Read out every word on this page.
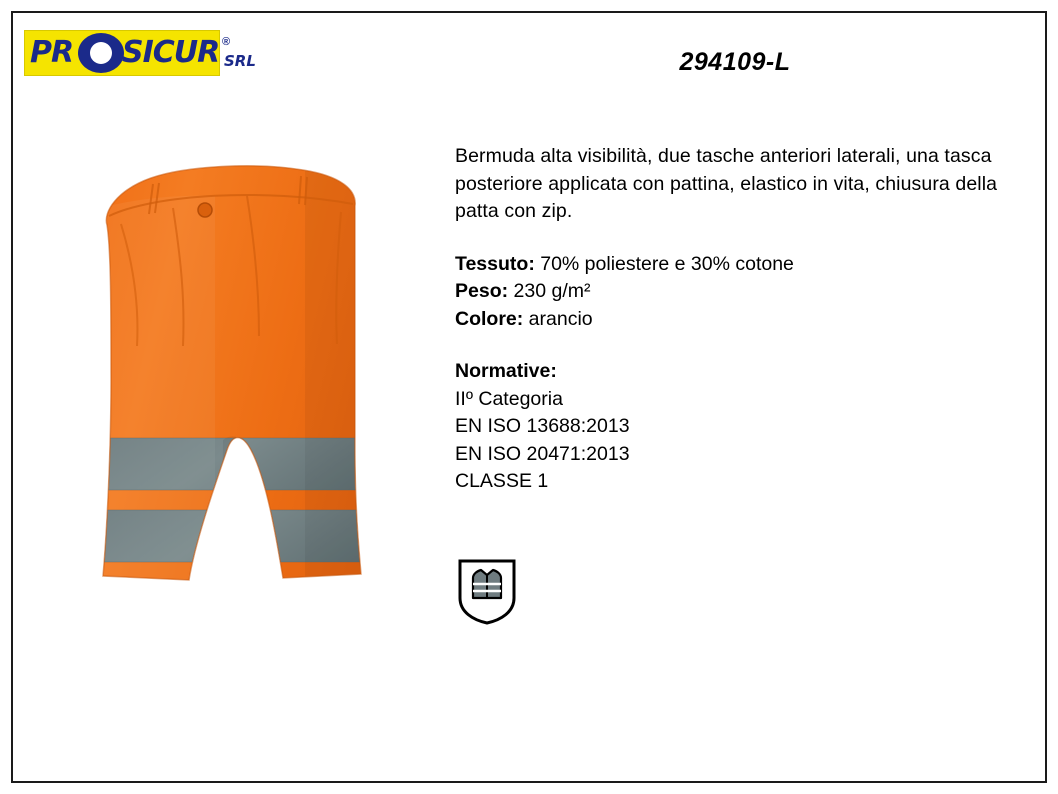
PR SICUR ®
SRL	294109-L

Bermuda alta visibilità, due tasche anteriori laterali, una tasca posteriore applicata con pattina, elastico in vita, chiusura della patta con zip.

Tessuto: 70% poliestere e 30% cotone
Peso: 230 g/m²
Colore: arancio
Normative:
IIº Categoria
EN ISO 13688:2013
EN ISO 20471:2013
CLASSE 1
